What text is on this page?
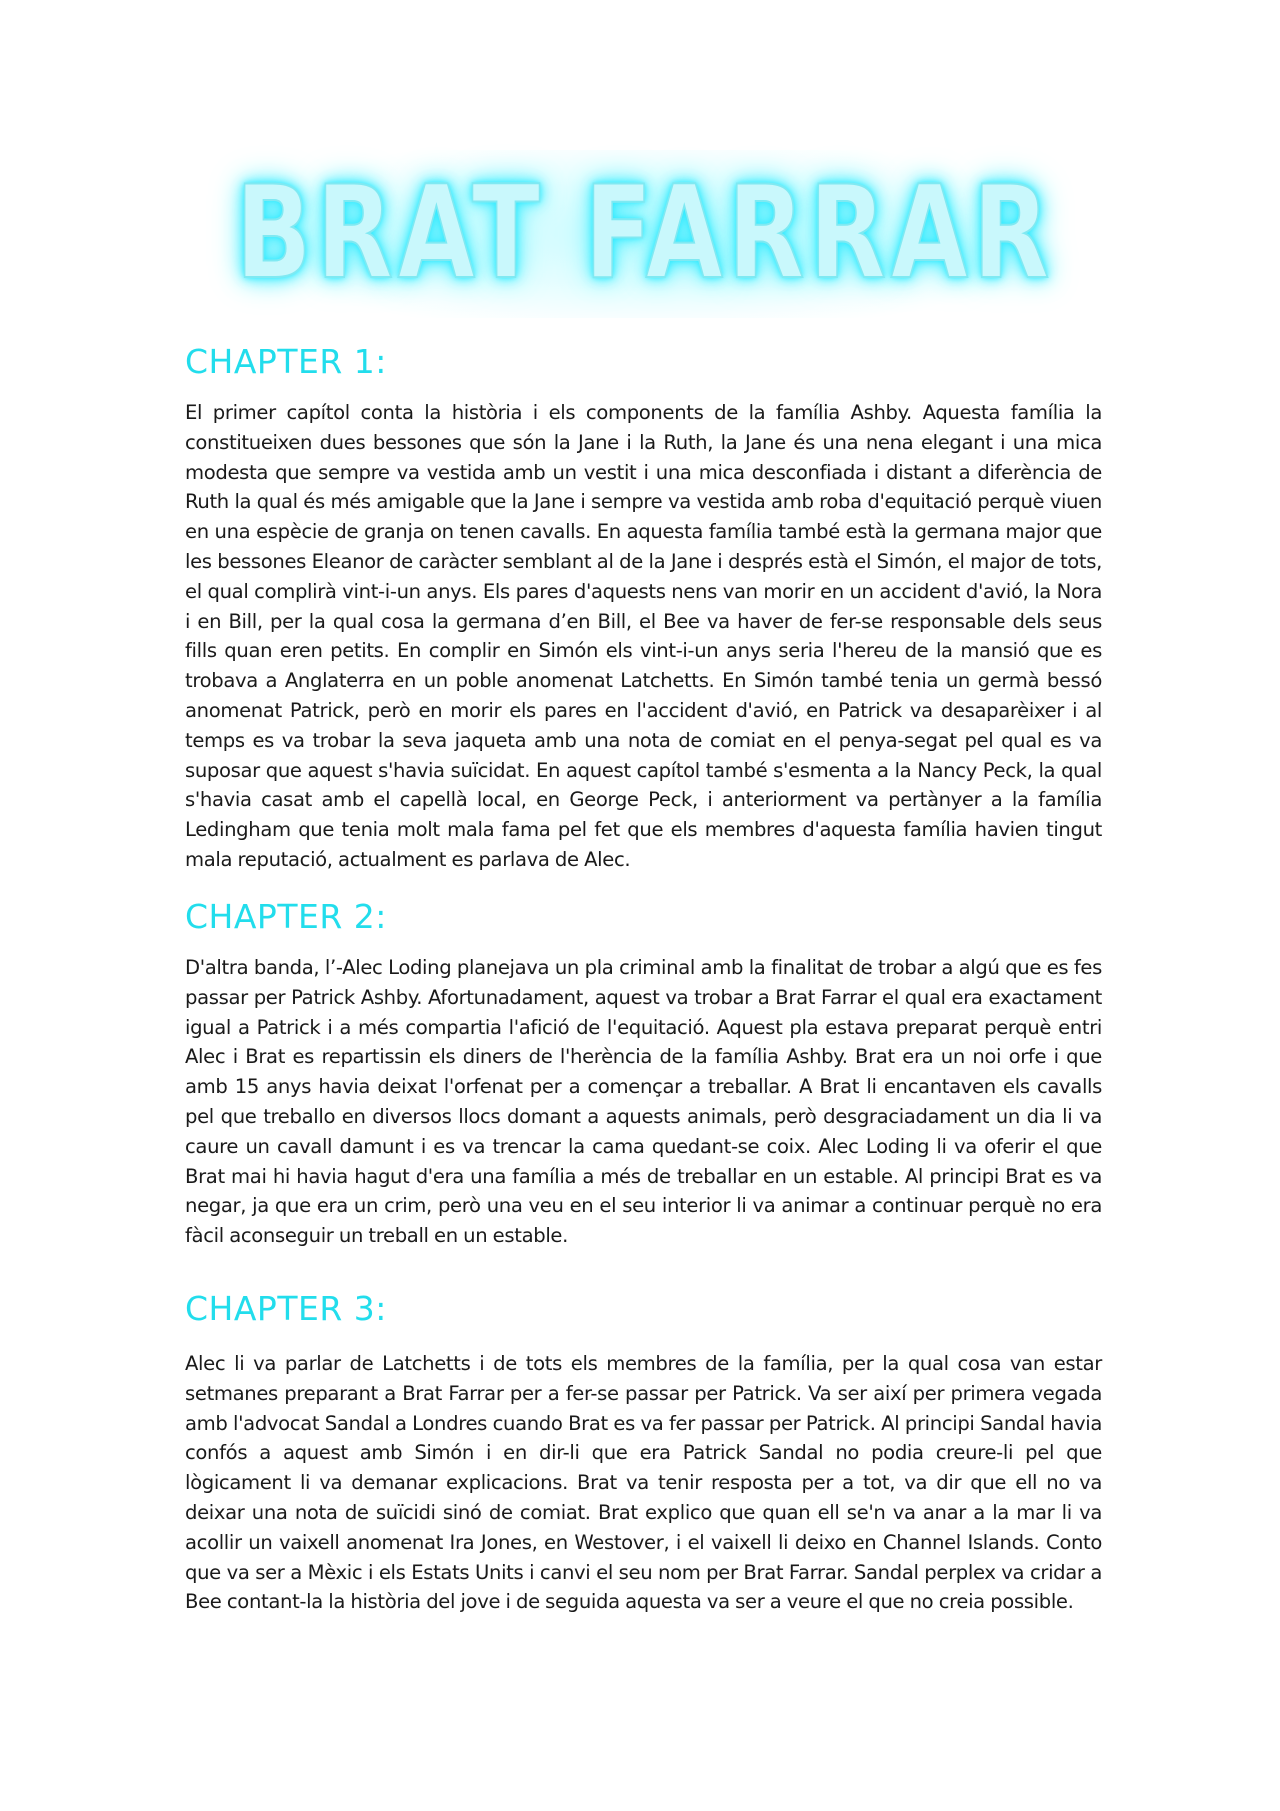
BRAT FARRAR
CHAPTER 1:

El primer capítol conta la història i els components de la família Ashby. Aquesta família la constitueixen dues bessones que són la Jane i la Ruth, la Jane és una nena elegant i una mica modesta que sempre va vestida amb un vestit i una mica desconfiada i distant a diferència de Ruth la qual és més amigable que la Jane i sempre va vestida amb roba d'equitació perquè viuen en una espècie de granja on tenen cavalls. En aquesta família també està la germana major que les bessones Eleanor de caràcter semblant al de la Jane i després està el Simón, el major de tots, el qual complirà vint-i-un anys. Els pares d'aquests nens van morir en un accident d'avió, la Nora i en Bill, per la qual cosa la germana d’en Bill, el Bee va haver de fer-se responsable dels seus fills quan eren petits. En complir en Simón els vint-i-un anys seria l'hereu de la mansió que es trobava a Anglaterra en un poble anomenat Latchetts. En Simón també tenia un germà bessó anomenat Patrick, però en morir els pares en l'accident d'avió, en Patrick va desaparèixer i al temps es va trobar la seva jaqueta amb una nota de comiat en el penya-segat pel qual es va suposar que aquest s'havia suïcidat. En aquest capítol també s'esmenta a la Nancy Peck, la qual s'havia casat amb el capellà local, en George Peck, i anteriorment va pertànyer a la família Ledingham que tenia molt mala fama pel fet que els membres d'aquesta família havien tingut mala reputació, actualment es parlava de Alec.

CHAPTER 2:

D'altra banda, l’-Alec Loding planejava un pla criminal amb la finalitat de trobar a algú que es fes passar per Patrick Ashby. Afortunadament, aquest va trobar a Brat Farrar el qual era exactament igual a Patrick i a més compartia l'afició de l'equitació. Aquest pla estava preparat perquè entri Alec i Brat es repartissin els diners de l'herència de la família Ashby. Brat era un noi orfe i que amb 15 anys havia deixat l'orfenat per a començar a treballar. A Brat li encantaven els cavalls pel que treballo en diversos llocs domant a aquests animals, però desgraciadament un dia li va caure un cavall damunt i es va trencar la cama quedant-se coix. Alec Loding li va oferir el que Brat mai hi havia hagut d'era una família a més de treballar en un estable. Al principi Brat es va negar, ja que era un crim, però una veu en el seu interior li va animar a continuar perquè no era fàcil aconseguir un treball en un estable.

CHAPTER 3:

Alec li va parlar de Latchetts i de tots els membres de la família, per la qual cosa van estar setmanes preparant a Brat Farrar per a fer-se passar per Patrick. Va ser així per primera vegada amb l'advocat Sandal a Londres cuando Brat es va fer passar per Patrick. Al principi Sandal havia confós a aquest amb Simón i en dir-li que era Patrick Sandal no podia creure-li pel que lògicament li va demanar explicacions. Brat va tenir resposta per a tot, va dir que ell no va deixar una nota de suïcidi sinó de comiat. Brat explico que quan ell se'n va anar a la mar li va acollir un vaixell anomenat Ira Jones, en Westover, i el vaixell li deixo en Channel Islands. Conto que va ser a Mèxic i els Estats Units i canvi el seu nom per Brat Farrar. Sandal perplex va cridar a Bee contant-la la història del jove i de seguida aquesta va ser a veure el que no creia possible.
